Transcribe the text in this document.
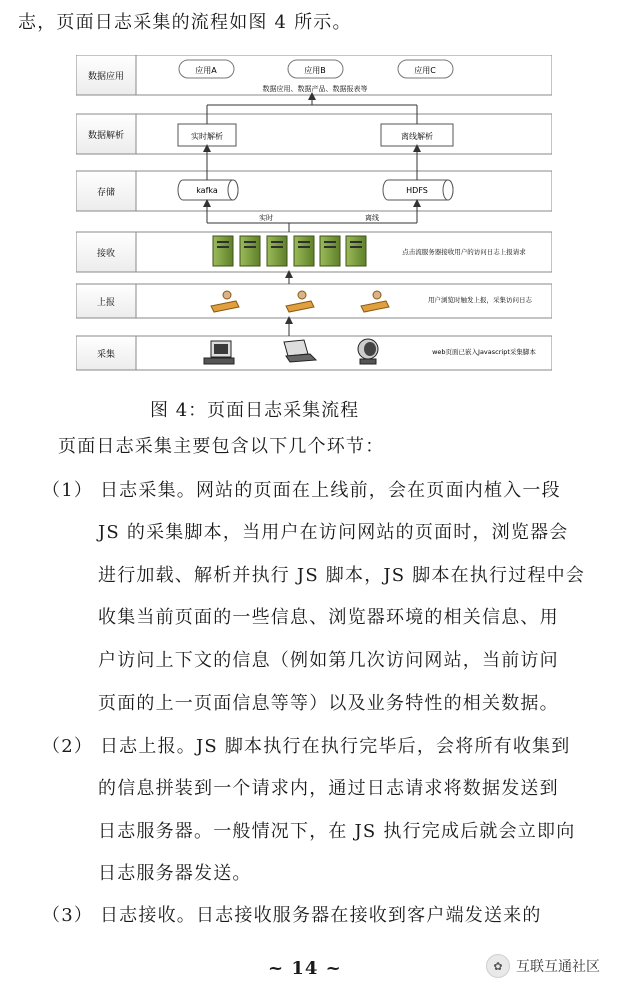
志，页面日志采集的流程如图 4 所示。
数据应用
应用A	应用B	应用C
数据应用、数据产品、数据报表等
数据解析	实时解析	离线解析
存储	kafka	HDFS
接收	点击流服务器接收用户的访问日志上报请求
上报	用户浏览时触发上报，采集访问日志
采集	web页面已嵌入Javascript采集脚本
实时	离线
图 4：页面日志采集流程
页面日志采集主要包含以下几个环节：
（1） 日志采集。网站的页面在上线前，会在页面内植入一段
JS 的采集脚本，当用户在访问网站的页面时，浏览器会
进行加载、解析并执行 JS 脚本，JS 脚本在执行过程中会
收集当前页面的一些信息、浏览器环境的相关信息、用
户访问上下文的信息（例如第几次访问网站，当前访问
页面的上一页面信息等等）以及业务特性的相关数据。
（2） 日志上报。JS 脚本执行在执行完毕后，会将所有收集到
的信息拼装到一个请求内，通过日志请求将数据发送到
日志服务器。一般情况下，在 JS 执行完成后就会立即向
日志服务器发送。
（3） 日志接收。日志接收服务器在接收到客户端发送来的
~ 14 ~	✿ 互联互通社区
